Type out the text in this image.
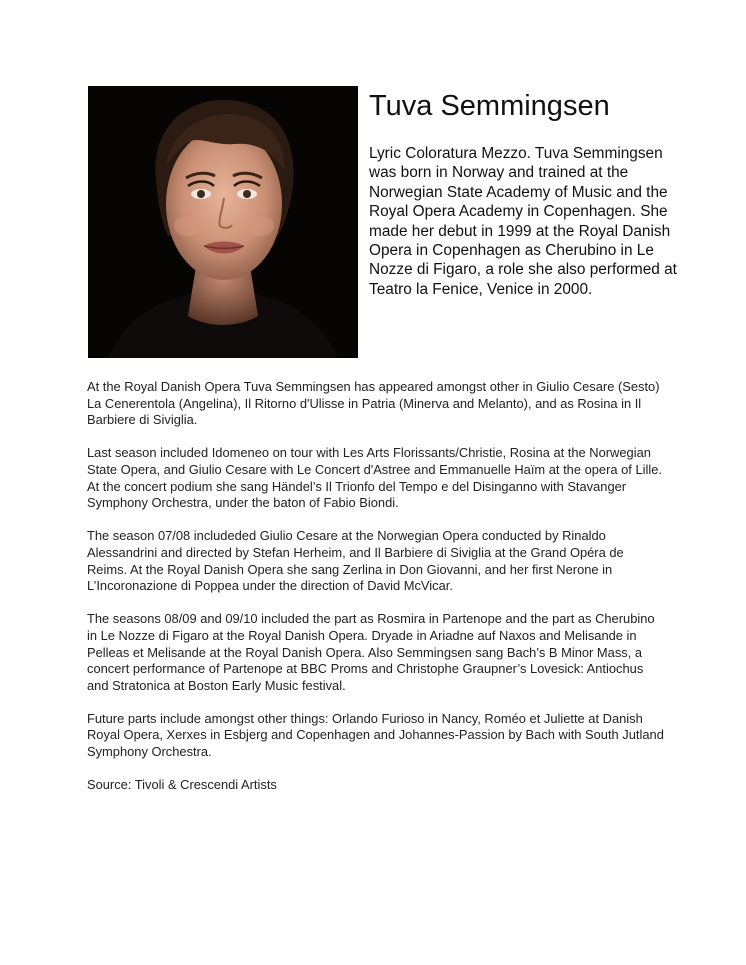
Tuva Semmingsen

Lyric Coloratura Mezzo. Tuva Semmingsen was born in Norway and trained at the Norwegian State Academy of Music and the Royal Opera Academy in Copenhagen. She made her debut in 1999 at the Royal Danish Opera in Copenhagen as Cherubino in Le Nozze di Figaro, a role she also performed at Teatro la Fenice, Venice in 2000.

At the Royal Danish Opera Tuva Semmingsen has appeared amongst other in Giulio Cesare (Sesto) La Cenerentola (Angelina), Il Ritorno d'Ulisse in Patria (Minerva and Melanto), and as Rosina in Il Barbiere di Siviglia.

Last season included Idomeneo on tour with Les Arts Florissants/Christie, Rosina at the Norwegian State Opera, and Giulio Cesare with Le Concert d'Astree and Emmanuelle Haïm at the opera of Lille. At the concert podium she sang Händel’s Il Trionfo del Tempo e del Disinganno with Stavanger Symphony Orchestra, under the baton of Fabio Biondi.

The season 07/08 includeded Giulio Cesare at the Norwegian Opera conducted by Rinaldo Alessandrini and directed by Stefan Herheim, and Il Barbiere di Siviglia at the Grand Opéra de Reims. At the Royal Danish Opera she sang Zerlina in Don Giovanni, and her first Nerone in L’Incoronazione di Poppea under the direction of David McVicar.

The seasons 08/09 and 09/10 included the part as Rosmira in Partenope and the part as Cherubino in Le Nozze di Figaro at the Royal Danish Opera. Dryade in Ariadne auf Naxos and Melisande in Pelleas et Melisande at the Royal Danish Opera. Also Semmingsen sang Bach’s B Minor Mass, a concert performance of Partenope at BBC Proms and Christophe Graupner’s Lovesick: Antiochus and Stratonica at Boston Early Music festival.

Future parts include amongst other things: Orlando Furioso in Nancy, Roméo et Juliette at Danish Royal Opera, Xerxes in Esbjerg and Copenhagen and Johannes-Passion by Bach with South Jutland Symphony Orchestra.

Source: Tivoli & Crescendi Artists
